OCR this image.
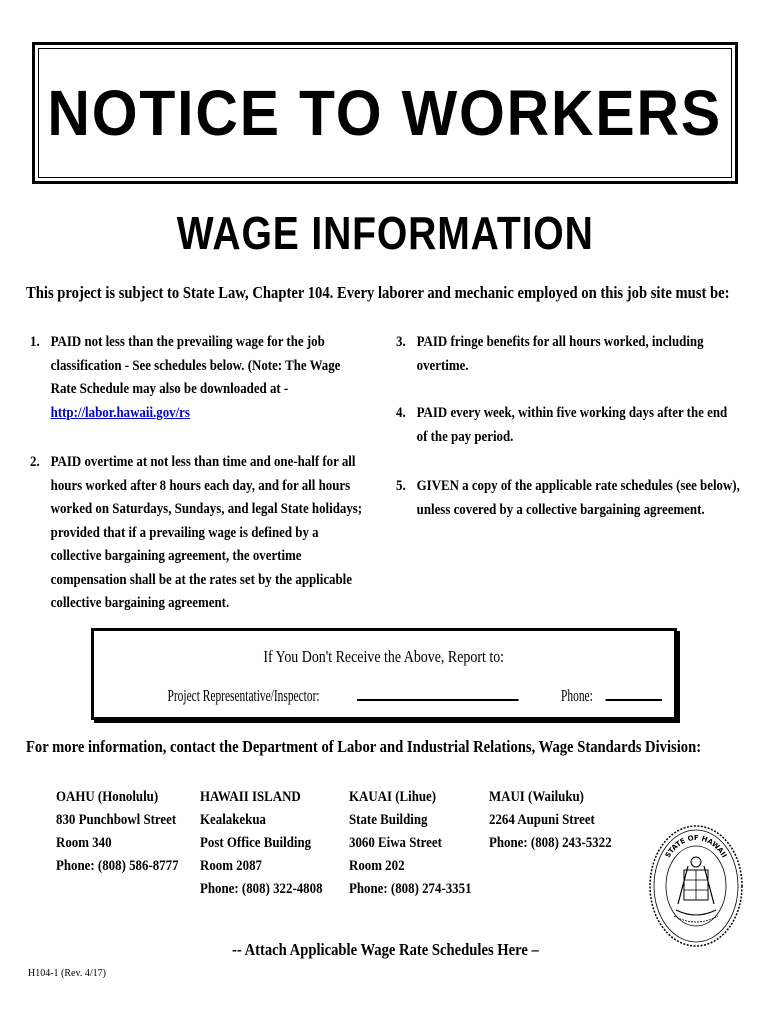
NOTICE TO WORKERS
WAGE INFORMATION
This project is subject to State Law, Chapter 104. Every laborer and mechanic employed on this job site must be:
1. PAID not less than the prevailing wage for the job
classification - See schedules below. (Note: The Wage
Rate Schedule may also be downloaded at -
http://labor.hawaii.gov/rs
2. PAID overtime at not less than time and one-half for all
hours worked after 8 hours each day, and for all hours
worked on Saturdays, Sundays, and legal State holidays;
provided that if a prevailing wage is defined by a
collective bargaining agreement, the overtime
compensation shall be at the rates set by the applicable
collective bargaining agreement.
3. PAID fringe benefits for all hours worked, including
overtime.
4. PAID every week, within five working days after the end
of the pay period.
5. GIVEN a copy of the applicable rate schedules (see below),
unless covered by a collective bargaining agreement.
If You Don't Receive the Above, Report to:
Project Representative/Inspector:	Phone:
For more information, contact the Department of Labor and Industrial Relations, Wage Standards Division:
OAHU (Honolulu)
830 Punchbowl Street
Room 340
Phone: (808) 586-8777
HAWAII ISLAND
Kealakekua
Post Office Building
Room 2087
Phone: (808) 322-4808
KAUAI (Lihue)
State Building
3060 Eiwa Street
Room 202
Phone: (808) 274-3351
MAUI (Wailuku)
2264 Aupuni Street
Phone: (808) 243-5322
STATE OF HAWAII
-- Attach Applicable Wage Rate Schedules Here –
H104-1 (Rev. 4/17)
